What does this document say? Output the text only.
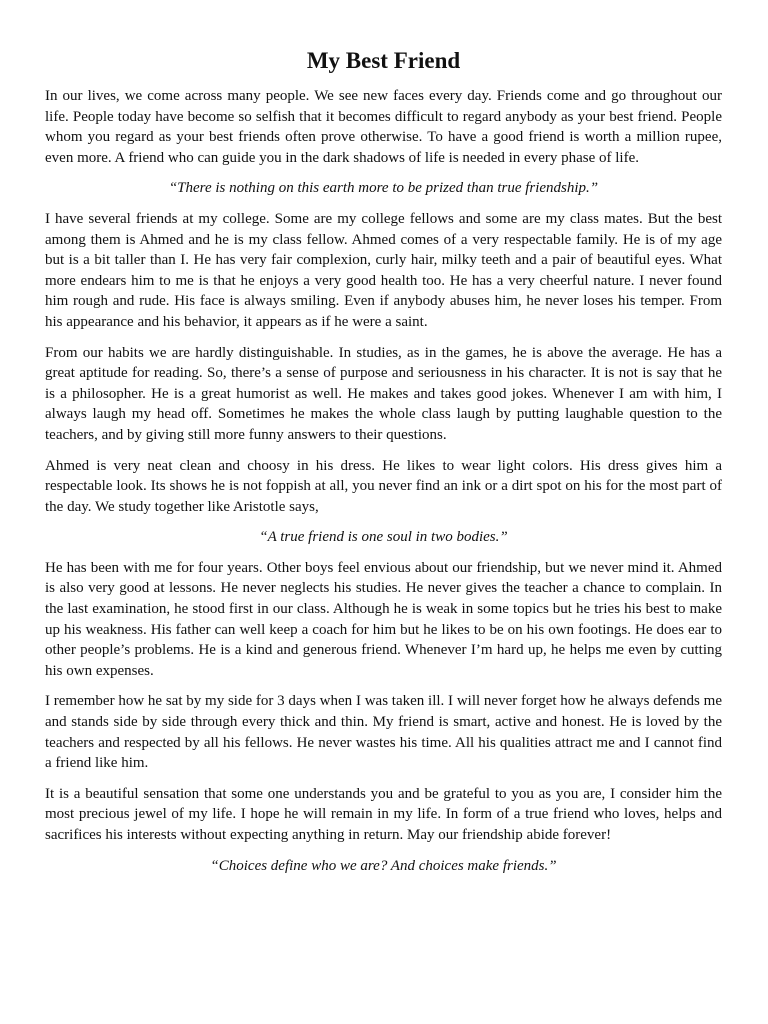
My Best Friend

In our lives, we come across many people. We see new faces every day. Friends come and go throughout our life. People today have become so selfish that it becomes difficult to regard anybody as your best friend. People whom you regard as your best friends often prove otherwise. To have a good friend is worth a million rupee, even more. A friend who can guide you in the dark shadows of life is needed in every phase of life.

“There is nothing on this earth more to be prized than true friendship.”

I have several friends at my college. Some are my college fellows and some are my class mates. But the best among them is Ahmed and he is my class fellow. Ahmed comes of a very respectable family. He is of my age but is a bit taller than I. He has very fair complexion, curly hair, milky teeth and a pair of beautiful eyes. What more endears him to me is that he enjoys a very good health too. He has a very cheerful nature. I never found him rough and rude. His face is always smiling. Even if anybody abuses him, he never loses his temper. From his appearance and his behavior, it appears as if he were a saint.

From our habits we are hardly distinguishable. In studies, as in the games, he is above the average. He has a great aptitude for reading. So, there’s a sense of purpose and seriousness in his character. It is not is say that he is a philosopher. He is a great humorist as well. He makes and takes good jokes. Whenever I am with him, I always laugh my head off. Sometimes he makes the whole class laugh by putting laughable question to the teachers, and by giving still more funny answers to their questions.

Ahmed is very neat clean and choosy in his dress. He likes to wear light colors. His dress gives him a respectable look. Its shows he is not foppish at all, you never find an ink or a dirt spot on his for the most part of the day. We study together like Aristotle says,

“A true friend is one soul in two bodies.”

He has been with me for four years. Other boys feel envious about our friendship, but we never mind it. Ahmed is also very good at lessons. He never neglects his studies. He never gives the teacher a chance to complain. In the last examination, he stood first in our class. Although he is weak in some topics but he tries his best to make up his weakness. His father can well keep a coach for him but he likes to be on his own footings. He does ear to other people’s problems. He is a kind and generous friend. Whenever I’m hard up, he helps me even by cutting his own expenses.

I remember how he sat by my side for 3 days when I was taken ill. I will never forget how he always defends me and stands side by side through every thick and thin. My friend is smart, active and honest. He is loved by the teachers and respected by all his fellows. He never wastes his time. All his qualities attract me and I cannot find a friend like him.

It is a beautiful sensation that some one understands you and be grateful to you as you are, I consider him the most precious jewel of my life. I hope he will remain in my life. In form of a true friend who loves, helps and sacrifices his interests without expecting anything in return. May our friendship abide forever!

“Choices define who we are? And choices make friends.”
